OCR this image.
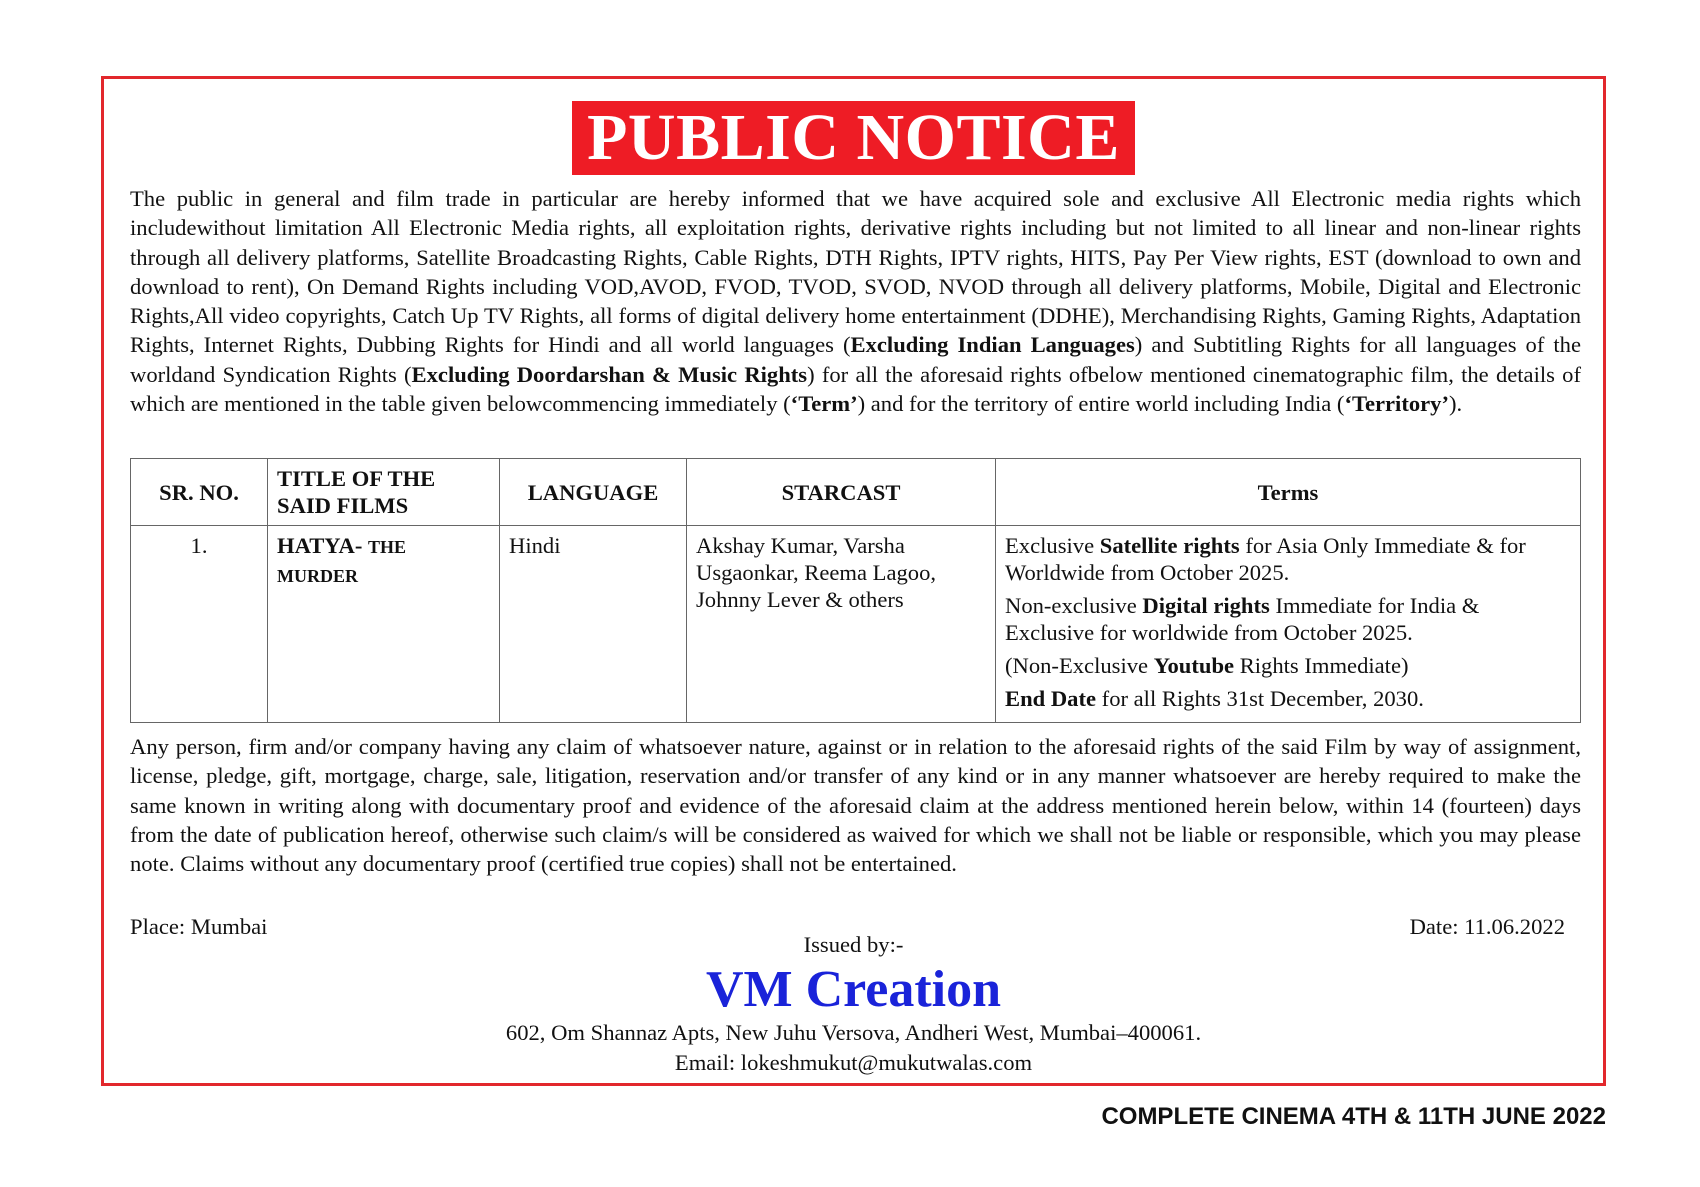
PUBLIC NOTICE
The public in general and film trade in particular are hereby informed that we have acquired sole and exclusive All Electronic media rights which includewithout limitation All Electronic Media rights, all exploitation rights, derivative rights including but not limited to all linear and non-linear rights through all delivery platforms, Satellite Broadcasting Rights, Cable Rights, DTH Rights, IPTV rights, HITS, Pay Per View rights, EST (download to own and download to rent), On Demand Rights including VOD,AVOD, FVOD, TVOD, SVOD, NVOD through all delivery platforms, Mobile, Digital and Electronic Rights,All video copyrights, Catch Up TV Rights, all forms of digital delivery home entertainment (DDHE), Merchandising Rights, Gaming Rights, Adaptation Rights, Internet Rights, Dubbing Rights for Hindi and all world languages (Excluding Indian Languages) and Subtitling Rights for all languages of the worldand Syndication Rights (Excluding Doordarshan & Music Rights) for all the aforesaid rights ofbelow mentioned cinematographic film, the details of which are mentioned in the table given belowcommencing immediately (‘Term’) and for the territory of entire world including India (‘Territory’).
SR. NO.	TITLE OF THE SAID FILMS	LANGUAGE	STARCAST	Terms
1.	HATYA- THE MURDER	Hindi	Akshay Kumar, Varsha Usgaonkar, Reema Lagoo, Johnny Lever & others	Exclusive Satellite rights for Asia Only Immediate & for Worldwide from October 2025.
Non-exclusive Digital rights Immediate for India & Exclusive for worldwide from October 2025.
(Non-Exclusive Youtube Rights Immediate)
End Date for all Rights 31st December, 2030.
Any person, firm and/or company having any claim of whatsoever nature, against or in relation to the aforesaid rights of the said Film by way of assignment, license, pledge, gift, mortgage, charge, sale, litigation, reservation and/or transfer of any kind or in any manner whatsoever are hereby required to make the same known in writing along with documentary proof and evidence of the aforesaid claim at the address mentioned herein below, within 14 (fourteen) days from the date of publication hereof, otherwise such claim/s will be considered as waived for which we shall not be liable or responsible, which you may please note. Claims without any documentary proof (certified true copies) shall not be entertained.
Place: Mumbai	Date: 11.06.2022
Issued by:-
VM Creation
602, Om Shannaz Apts, New Juhu Versova, Andheri West, Mumbai–400061.
Email: lokeshmukut@mukutwalas.com
COMPLETE CINEMA 4TH & 11TH JUNE 2022
